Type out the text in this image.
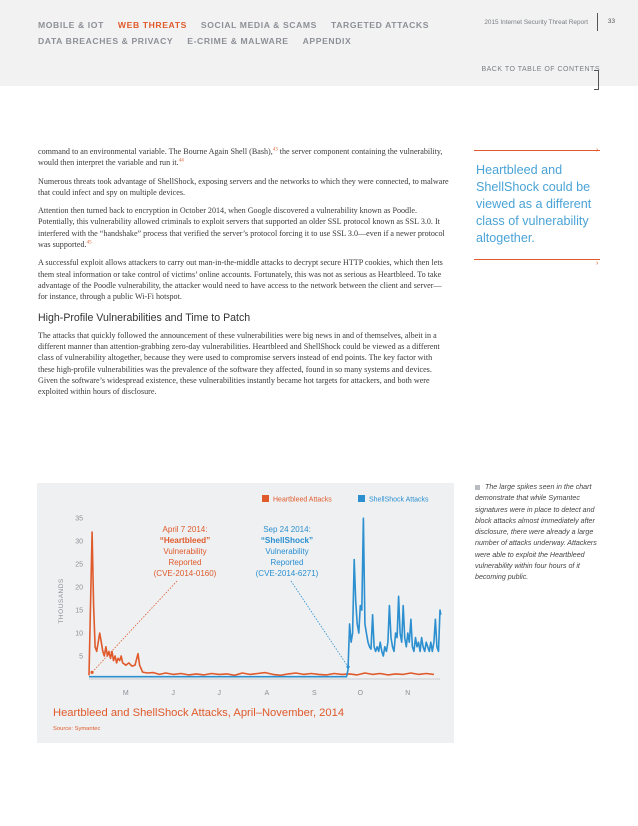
MOBILE & IOT WEB THREATS SOCIAL MEDIA & SCAMS TARGETED ATTACKS DATA BREACHES & PRIVACY E-CRIME & MALWARE APPENDIX
2015 Internet Security Threat Report	33
BACK TO TABLE OF CONTENTS

command to an environmental variable. The Bourne Again Shell (Bash),$^{43}$ the server component containing the vulnerability, would then interpret the variable and run it.$^{44}$

Numerous threats took advantage of ShellShock, exposing servers and the networks to which they were connected, to malware that could infect and spy on multiple devices.

Attention then turned back to encryption in October 2014, when Google discovered a vulnerability known as Poodle. Potentially, this vulnerability allowed criminals to exploit servers that supported an older SSL protocol known as SSL 3.0. It interfered with the “handshake” process that verified the server’s protocol forcing it to use SSL 3.0—even if a newer protocol was supported.$^{45}$

A successful exploit allows attackers to carry out man-in-the-middle attacks to decrypt secure HTTP cookies, which then lets them steal information or take control of victims’ online accounts. Fortunately, this was not as serious as Heartbleed. To take advantage of the Poodle vulnerability, the attacker would need to have access to the network between the client and server—for instance, through a public Wi-Fi hotspot.

High-Profile Vulnerabilities and Time to Patch

The attacks that quickly followed the announcement of these vulnerabilities were big news in and of themselves, albeit in a different manner than attention-grabbing zero-day vulnerabilities. Heartbleed and ShellShock could be viewed as a different class of vulnerability altogether, because they were used to compromise servers instead of end points. The key factor with these high-profile vulnerabilities was the prevalence of the software they affected, found in so many systems and devices. Given the software’s widespread existence, these vulnerabilities instantly became hot targets for attackers, and both were exploited within hours of disclosure.

Heartbleed and ShellShock could be viewed as a different class of vulnerability altogether.
›
›
5
10
15
20
25
30
35
THOUSANDS
M	J	J	A	S	O	N
April 7 2014:
“Heartbleed”
Vulnerability
Reported
(CVE-2014-0160)
Sep 24 2014:
“ShellShock”
Vulnerability
Reported
(CVE-2014-6271)
Heartbleed Attacks	ShellShock Attacks
Heartbleed and ShellShock Attacks, April–November, 2014
Source: Symantec
The large spikes seen in the chart demonstrate that while Symantec signatures were in place to detect and block attacks almost immediately after disclosure, there were already a large number of attacks underway. Attackers were able to exploit the Heartbleed vulnerability within four hours of it becoming public.
